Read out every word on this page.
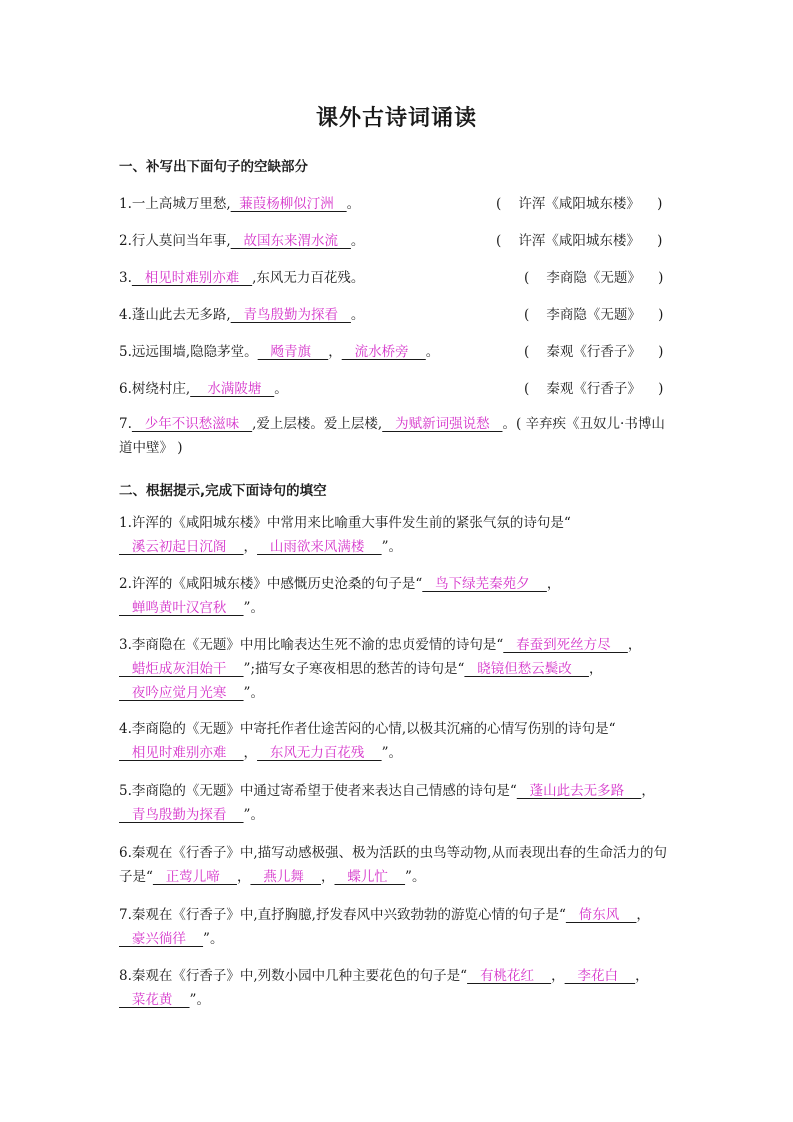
课外古诗词诵读
一、补写出下面句子的空缺部分
1.一上高城万里愁,  蒹葭杨柳似汀洲   。	(    许浑《咸阳城东楼》    )
2.行人莫问当年事,   故国东来渭水流   。	(    许浑《咸阳城东楼》    )
3.   相见时难别亦难   ,东风无力百花残。	(    李商隐《无题》    )
4.蓬山此去无多路,   青鸟殷勤为探看   。	(    李商隐《无题》    )
5.远远围墙,隐隐茅堂。   飏青旗    ，   流水桥旁    。	(    秦观《行香子》    )
6.树绕村庄,    水满陂塘   。	(    秦观《行香子》    )
7.   少年不识愁滋味   ,爱上层楼。爱上层楼,   为赋新词强说愁   。( 辛弃疾《丑奴儿·书博山道中壁》 )
二、根据提示,完成下面诗句的填空
1.许浑的《咸阳城东楼》中常用来比喻重大事件发生前的紧张气氛的诗句是“   溪云初起日沉阁    ，   山雨欲来风满楼    ”。
2.许浑的《咸阳城东楼》中感慨历史沧桑的句子是“   鸟下绿芜秦苑夕    ，   蝉鸣黄叶汉宫秋    ”。
3.李商隐在《无题》中用比喻表达生死不渝的忠贞爱情的诗句是“   春蚕到死丝方尽    ，   蜡炬成灰泪始干    ”;描写女子寒夜相思的愁苦的诗句是“   晓镜但愁云鬓改    ，   夜吟应觉月光寒    ”。
4.李商隐的《无题》中寄托作者仕途苦闷的心情,以极其沉痛的心情写伤别的诗句是“   相见时难别亦难    ，   东风无力百花残    ”。
5.李商隐的《无题》中通过寄希望于使者来表达自己情感的诗句是“   蓬山此去无多路    ，   青鸟殷勤为探看    ”。
6.秦观在《行香子》中,描写动感极强、极为活跃的虫鸟等动物,从而表现出春的生命活力的句子是“   正莺儿啼    ，   燕儿舞    ，   蝶儿忙    ”。
7.秦观在《行香子》中,直抒胸臆,抒发春风中兴致勃勃的游览心情的句子是“   倚东风    ，   豪兴徜徉    ”。
8.秦观在《行香子》中,列数小园中几种主要花色的句子是“   有桃花红    ，   李花白    ，   菜花黄    ”。
